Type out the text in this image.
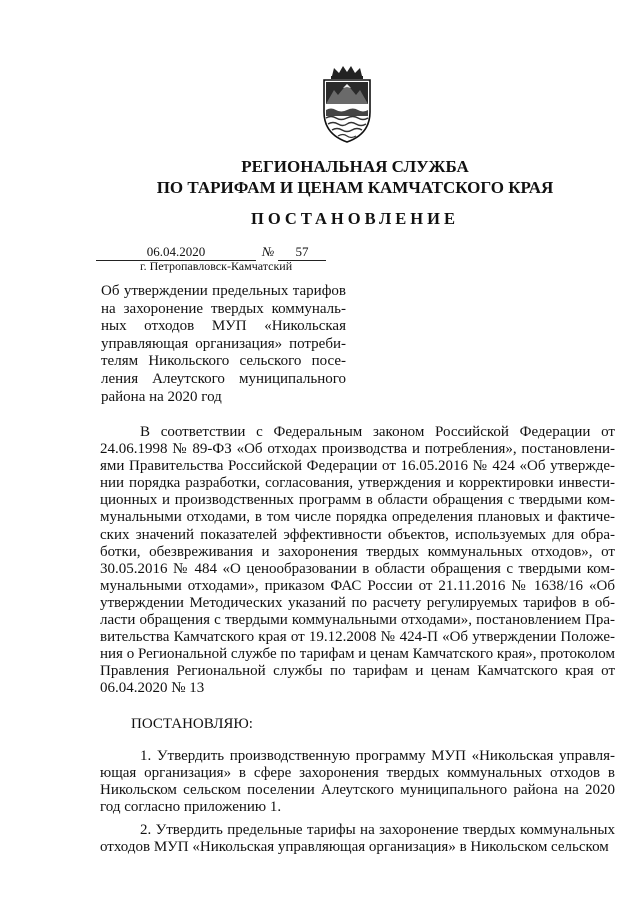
РЕГИОНАЛЬНАЯ СЛУЖБА
ПО ТАРИФАМ И ЦЕНАМ КАМЧАТСКОГО КРАЯ
ПОСТАНОВЛЕНИЕ
06.04.2020	№	57
г. Петропавловск-Камчатский
Об утверждении предельных тарифов на захоронение твердых коммунальных отходов МУП «Никольская управляющая организация» потребителям Никольского сельского поселения Алеутского муниципального района на 2020 год
В соответствии с Федеральным законом Российской Федерации от 24.06.1998 № 89-ФЗ «Об отходах производства и потребления», постановлениями Правительства Российской Федерации от 16.05.2016 № 424 «Об утверждении порядка разработки, согласования, утверждения и корректировки инвестиционных и производственных программ в области обращения с твердыми коммунальными отходами, в том числе порядка определения плановых и фактических значений показателей эффективности объектов, используемых для обработки, обезвреживания и захоронения твердых коммунальных отходов», от 30.05.2016 № 484 «О ценообразовании в области обращения с твердыми коммунальными отходами», приказом ФАС России от 21.11.2016 № 1638/16 «Об утверждении Методических указаний по расчету регулируемых тарифов в области обращения с твердыми коммунальными отходами», постановлением Правительства Камчатского края от 19.12.2008 № 424-П «Об утверждении Положения о Региональной службе по тарифам и ценам Камчатского края», протоколом Правления Региональной службы по тарифам и ценам Камчатского края от 06.04.2020 № 13
ПОСТАНОВЛЯЮ:
1. Утвердить производственную программу МУП «Никольская управляющая организация» в сфере захоронения твердых коммунальных отходов в Никольском сельском поселении Алеутского муниципального района на 2020 год согласно приложению 1.
2. Утвердить предельные тарифы на захоронение твердых коммунальных отходов МУП «Никольская управляющая организация» в Никольском сельском
